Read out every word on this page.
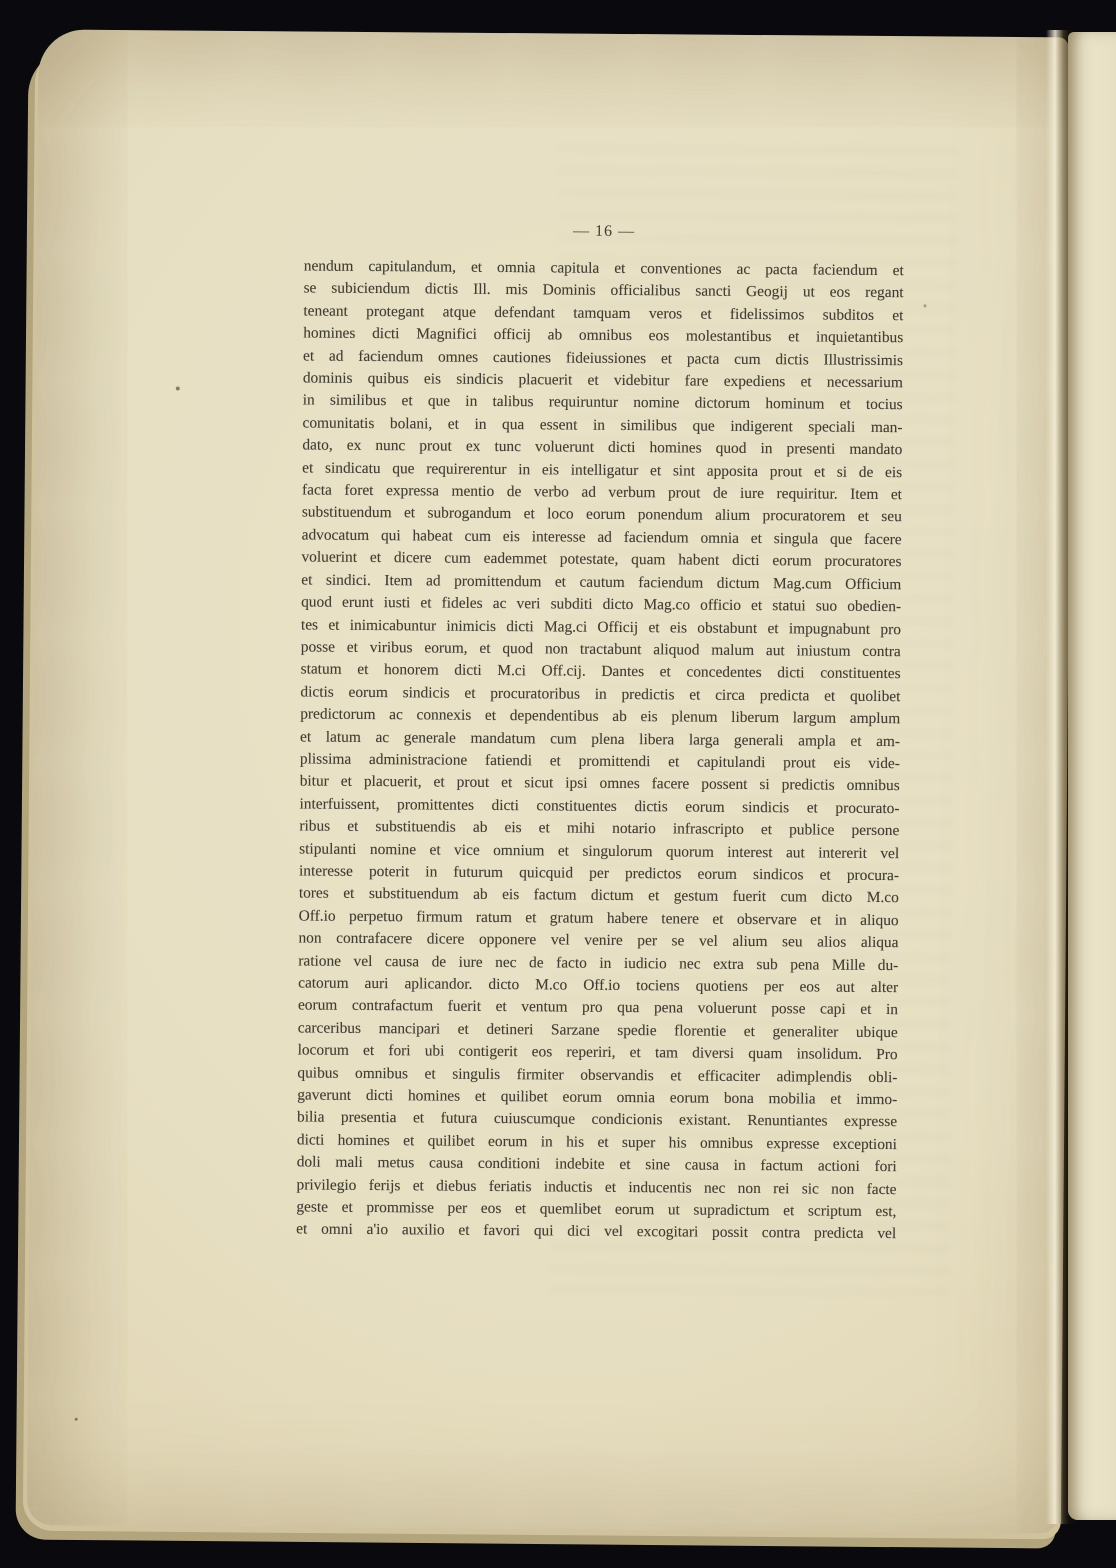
— 16 —
nendum capitulandum, et omnia capitula et conventiones ac pacta faciendum et
se subiciendum dictis Ill. mis Dominis officialibus sancti Geogij ut eos regant
teneant protegant atque defendant tamquam veros et fidelissimos subditos et
homines dicti Magnifici officij ab omnibus eos molestantibus et inquietantibus
et ad faciendum omnes cautiones fideiussiones et pacta cum dictis Illustrissimis
dominis quibus eis sindicis placuerit et videbitur fare expediens et necessarium
in similibus et que in talibus requiruntur nomine dictorum hominum et tocius
comunitatis bolani, et in qua essent in similibus que indigerent speciali man-
dato, ex nunc prout ex tunc voluerunt dicti homines quod in presenti mandato
et sindicatu que requirerentur in eis intelligatur et sint apposita prout et si de eis
facta foret expressa mentio de verbo ad verbum prout de iure requiritur. Item et
substituendum et subrogandum et loco eorum ponendum alium procuratorem et seu
advocatum qui habeat cum eis interesse ad faciendum omnia et singula que facere
voluerint et dicere cum eademmet potestate, quam habent dicti eorum procuratores
et sindici. Item ad promittendum et cautum faciendum dictum Mag.cum Officium
quod erunt iusti et fideles ac veri subditi dicto Mag.co officio et statui suo obedien-
tes et inimicabuntur inimicis dicti Mag.ci Officij et eis obstabunt et impugnabunt pro
posse et viribus eorum, et quod non tractabunt aliquod malum aut iniustum contra
statum et honorem dicti M.ci Off.cij. Dantes et concedentes dicti constituentes
dictis eorum sindicis et procuratoribus in predictis et circa predicta et quolibet
predictorum ac connexis et dependentibus ab eis plenum liberum largum amplum
et latum ac generale mandatum cum plena libera larga generali ampla et am-
plissima administracione fatiendi et promittendi et capitulandi prout eis vide-
bitur et placuerit, et prout et sicut ipsi omnes facere possent si predictis omnibus
interfuissent, promittentes dicti constituentes dictis eorum sindicis et procurato-
ribus et substituendis ab eis et mihi notario infrascripto et publice persone
stipulanti nomine et vice omnium et singulorum quorum interest aut intererit vel
interesse poterit in futurum quicquid per predictos eorum sindicos et procura-
tores et substituendum ab eis factum dictum et gestum fuerit cum dicto M.co
Off.io perpetuo firmum ratum et gratum habere tenere et observare et in aliquo
non contrafacere dicere opponere vel venire per se vel alium seu alios aliqua
ratione vel causa de iure nec de facto in iudicio nec extra sub pena Mille du-
catorum auri aplicandor. dicto M.co Off.io tociens quotiens per eos aut alter
eorum contrafactum fuerit et ventum pro qua pena voluerunt posse capi et in
carceribus mancipari et detineri Sarzane spedie florentie et generaliter ubique
locorum et fori ubi contigerit eos reperiri, et tam diversi quam insolidum. Pro
quibus omnibus et singulis firmiter observandis et efficaciter adimplendis obli-
gaverunt dicti homines et quilibet eorum omnia eorum bona mobilia et immo-
bilia presentia et futura cuiuscumque condicionis existant. Renuntiantes expresse
dicti homines et quilibet eorum in his et super his omnibus expresse exceptioni
doli mali metus causa conditioni indebite et sine causa in factum actioni fori
privilegio ferijs et diebus feriatis inductis et inducentis nec non rei sic non facte
geste et prommisse per eos et quemlibet eorum ut supradictum et scriptum est,
et omni a'io auxilio et favori qui dici vel excogitari possit contra predicta vel
